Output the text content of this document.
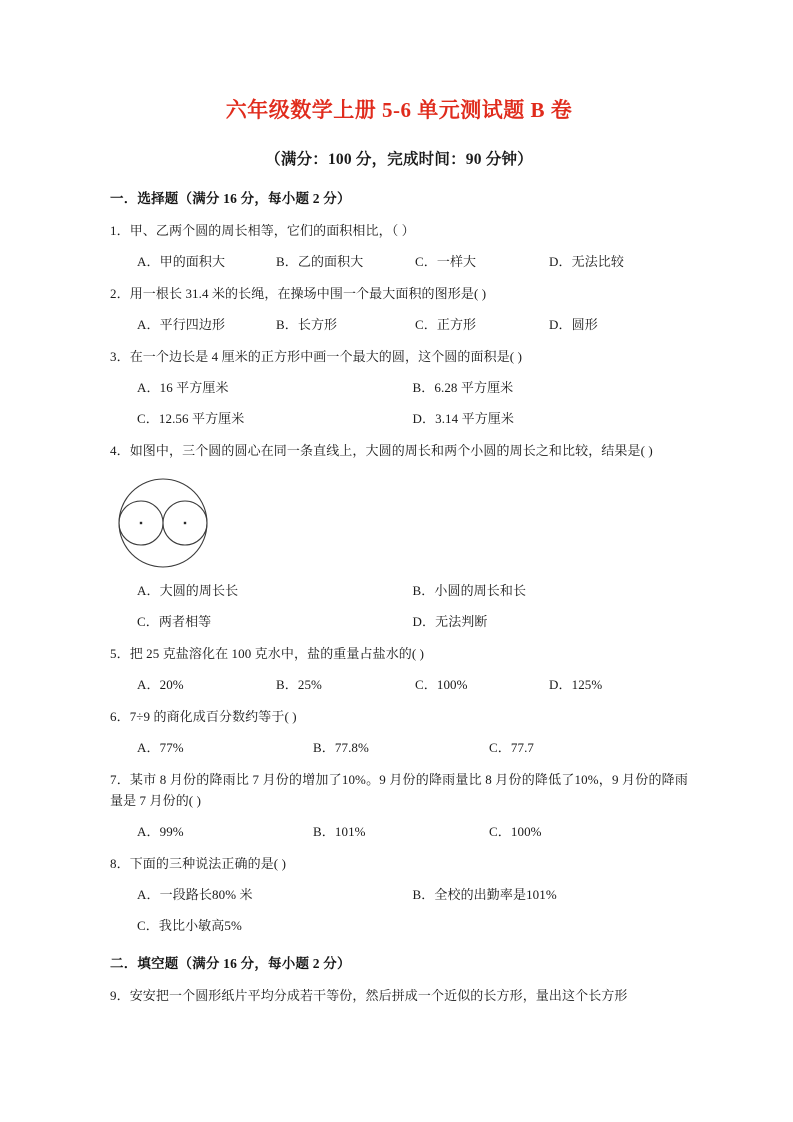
六年级数学上册 5-6 单元测试题 B 卷
（满分：100 分，完成时间：90 分钟）
一．选择题（满分 16 分，每小题 2 分）
1．甲、乙两个圆的周长相等，它们的面积相比，（ ）
A．甲的面积大	B．乙的面积大	C．一样大	D．无法比较
2．用一根长 31.4 米的长绳，在操场中围一个最大面积的图形是( )
A．平行四边形	B．长方形	C．正方形	D．圆形
3．在一个边长是 4 厘米的正方形中画一个最大的圆，这个圆的面积是( )
A．16 平方厘米	B．6.28 平方厘米
C．12.56 平方厘米	D．3.14 平方厘米
4．如图中，三个圆的圆心在同一条直线上，大圆的周长和两个小圆的周长之和比较，结果是( )
A．大圆的周长长	B．小圆的周长和长
C．两者相等	D．无法判断
5．把 25 克盐溶化在 100 克水中，盐的重量占盐水的( )
A．20%	B．25%	C．100%	D．125%
6．7÷9 的商化成百分数约等于( )
A．77%	B．77.8%	C．77.7
7．某市 8 月份的降雨比 7 月份的增加了10%。9 月份的降雨量比 8 月份的降低了10%，9 月份的降雨量是 7 月份的( )
A．99%	B．101%	C．100%
8．下面的三种说法正确的是( )
A．一段路长80% 米	B．全校的出勤率是101%
C．我比小敏高5%
二．填空题（满分 16 分，每小题 2 分）
9．安安把一个圆形纸片平均分成若干等份，然后拼成一个近似的长方形，量出这个长方形
